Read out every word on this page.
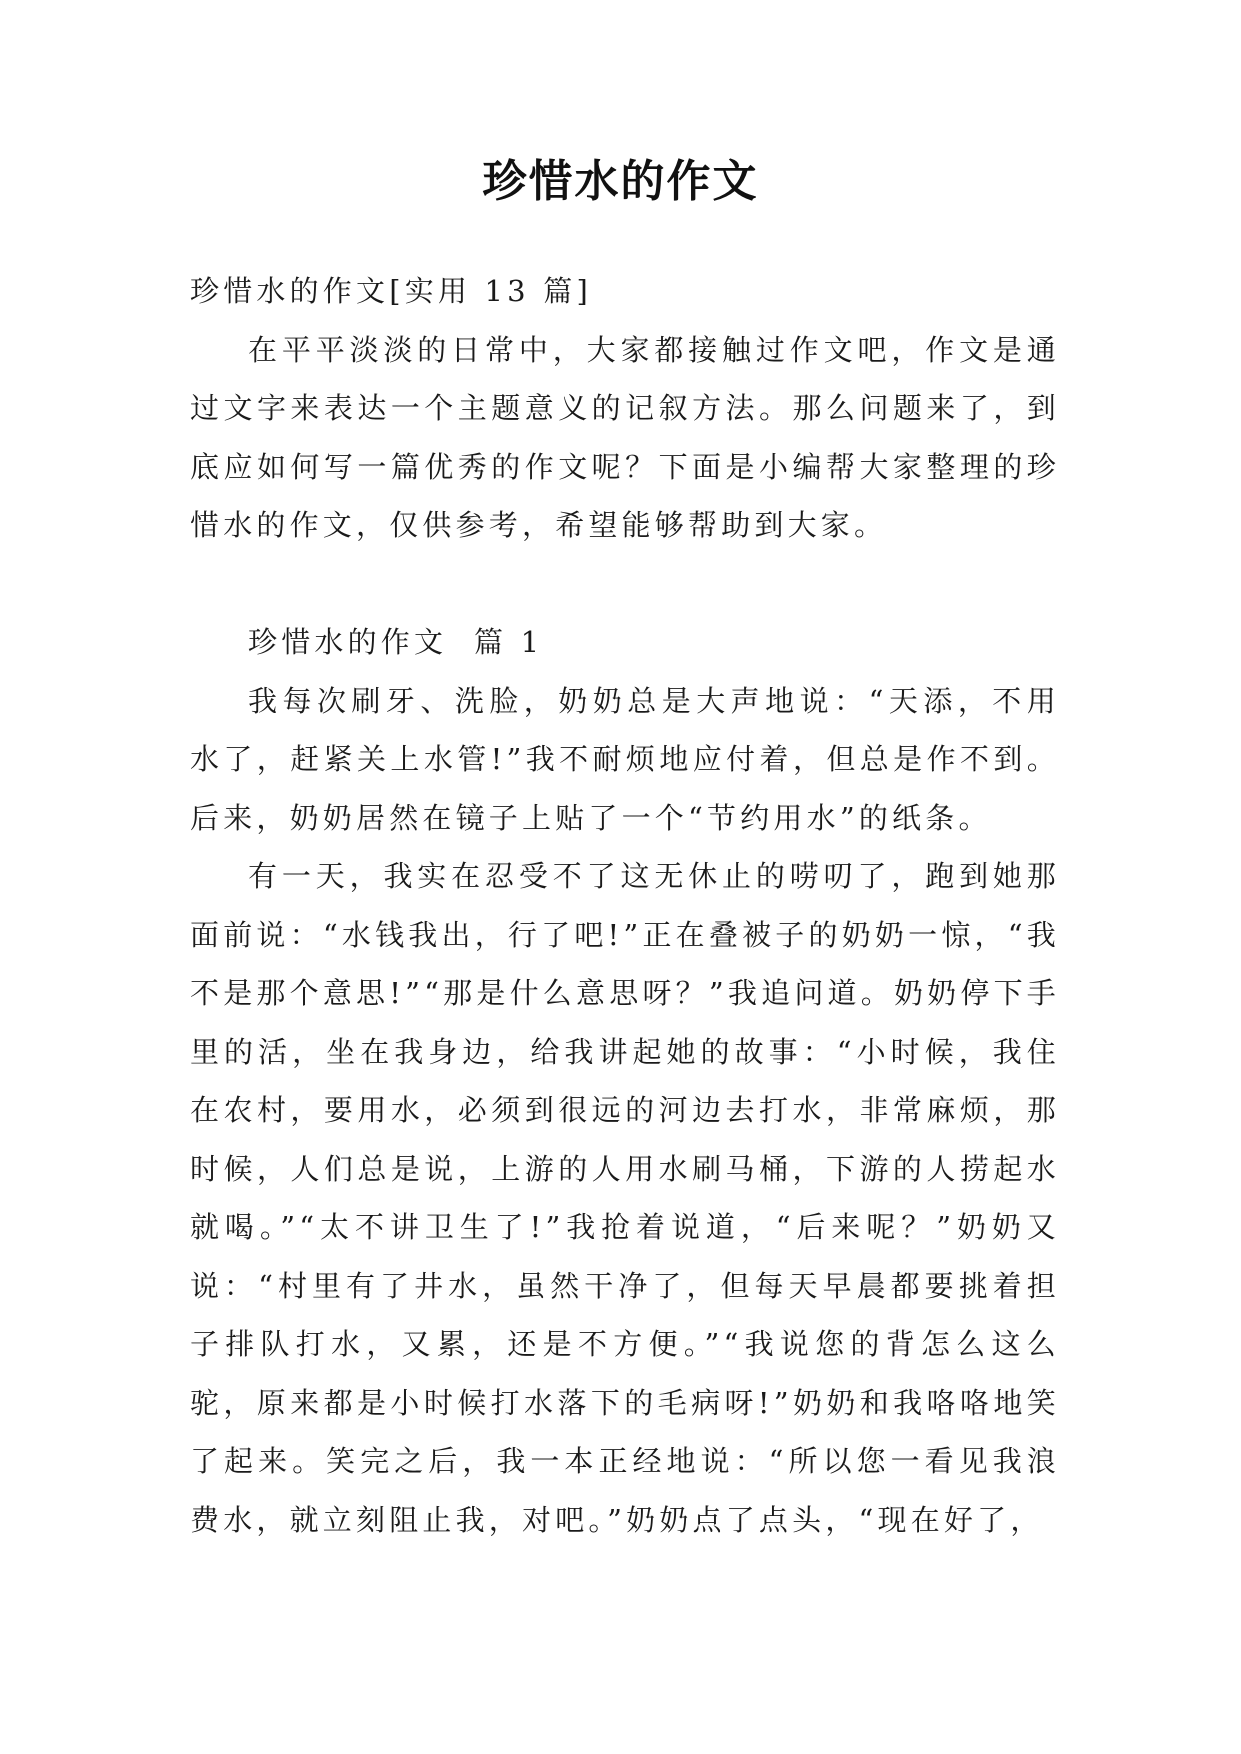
珍惜水的作文

珍惜水的作文[实用 13 篇]

在平平淡淡的日常中，大家都接触过作文吧，作文是通过文字来表达一个主题意义的记叙方法。那么问题来了，到底应如何写一篇优秀的作文呢？下面是小编帮大家整理的珍惜水的作文，仅供参考，希望能够帮助到大家。

珍惜水的作文  篇 1

我每次刷牙、洗脸，奶奶总是大声地说：“天添，不用水了，赶紧关上水管!”我不耐烦地应付着，但总是作不到。后来，奶奶居然在镜子上贴了一个“节约用水”的纸条。

有一天，我实在忍受不了这无休止的唠叨了，跑到她那面前说：“水钱我出，行了吧!”正在叠被子的奶奶一惊，“我不是那个意思!”“那是什么意思呀？”我追问道。奶奶停下手里的活，坐在我身边，给我讲起她的故事：“小时候，我住在农村，要用水，必须到很远的河边去打水，非常麻烦，那时候，人们总是说，上游的人用水刷马桶，下游的人捞起水就喝。”“太不讲卫生了!”我抢着说道，“后来呢？”奶奶又说：“村里有了井水，虽然干净了，但每天早晨都要挑着担子排队打水，又累，还是不方便。”“我说您的背怎么这么驼，原来都是小时候打水落下的毛病呀!”奶奶和我咯咯地笑了起来。笑完之后，我一本正经地说：“所以您一看见我浪费水，就立刻阻止我，对吧。”奶奶点了点头，“现在好了，
